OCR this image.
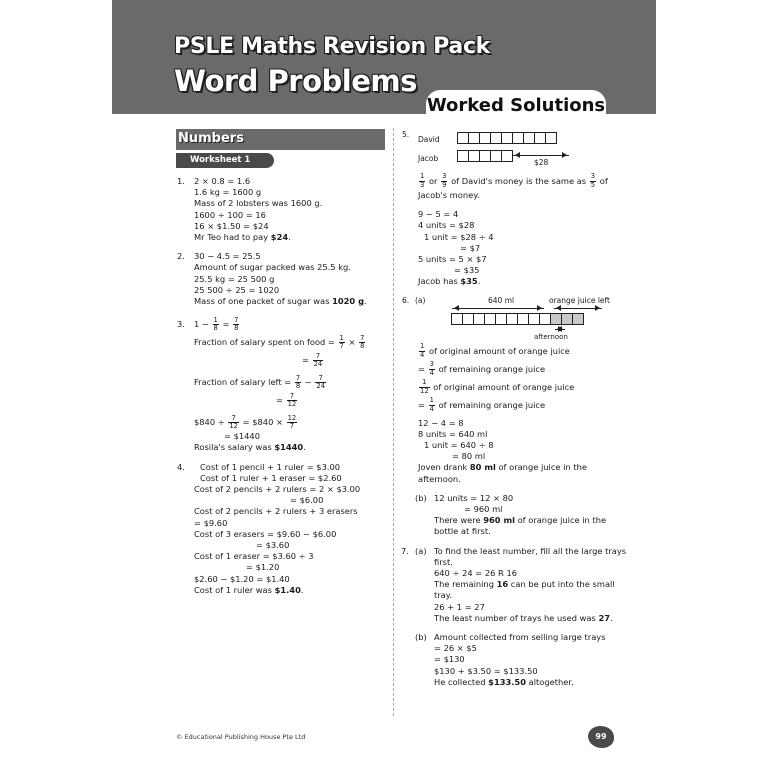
PSLE Maths Revision Pack
Word Problems
Worked Solutions
Numbers
Worksheet 1
1. 2 × 0.8 = 1.6
1.6 kg = 1600 g
Mass of 2 lobsters was 1600 g.
1600 ÷ 100 = 16
16 × $1.50 = $24
Mr Teo had to pay $24.
2. 30 − 4.5 = 25.5
Amount of sugar packed was 25.5 kg.
25.5 kg = 25 500 g
25 500 ÷ 25 = 1020
Mass of one packet of sugar was 1020 g.
3. $1 - \frac{1}{8} = \frac{7}{8}$
Fraction of salary spent on food = $\frac{1}{7} \times \frac{7}{8}$
= $\frac{7}{24}$
Fraction of salary left = $\frac{7}{8} - \frac{7}{24}$
= $\frac{7}{12}$
$840 ÷ $\frac{7}{12}$ = $840 × $\frac{12}{7}$
= $1440
Rosila's salary was $1440.
4. Cost of 1 pencil + 1 ruler = $3.00
Cost of 1 ruler + 1 eraser = $2.60
Cost of 2 pencils + 2 rulers = 2 × $3.00
= $6.00
Cost of 2 pencils + 2 rulers + 3 erasers
= $9.60
Cost of 3 erasers = $9.60 − $6.00
= $3.60
Cost of 1 eraser = $3.60 ÷ 3
= $1.20
$2.60 − $1.20 = $1.40
Cost of 1 ruler was $1.40.
5.
David
Jacob	$28
$\frac{1}{3}$ or $\frac{3}{9}$ of David's money is the same as $\frac{3}{5}$ of
Jacob's money.
9 − 5 = 4
4 units = $28
1 unit = $28 ÷ 4
= $7
5 units = 5 × $7
= $35
Jacob has $35.
6. (a)	640 ml	orange juice left
afternoon
$\frac{1}{4}$ of original amount of orange juice
= $\frac{3}{4}$ of remaining orange juice
$\frac{1}{12}$ of original amount of orange juice
= $\frac{1}{4}$ of remaining orange juice
12 − 4 = 8
8 units = 640 ml
1 unit = 640 ÷ 8
= 80 ml
Joven drank 80 ml of orange juice in the
afternoon.
(b) 12 units = 12 × 80
= 960 ml
There were 960 ml of orange juice in the
bottle at first.
7. (a) To find the least number, fill all the large trays
first.
640 ÷ 24 = 26 R 16
The remaining 16 can be put into the small
tray.
26 + 1 = 27
The least number of trays he used was 27.
(b) Amount collected from selling large trays
= 26 × $5
= $130
$130 + $3.50 = $133.50
He collected $133.50 altogether.
© Educational Publishing House Pte Ltd	99
